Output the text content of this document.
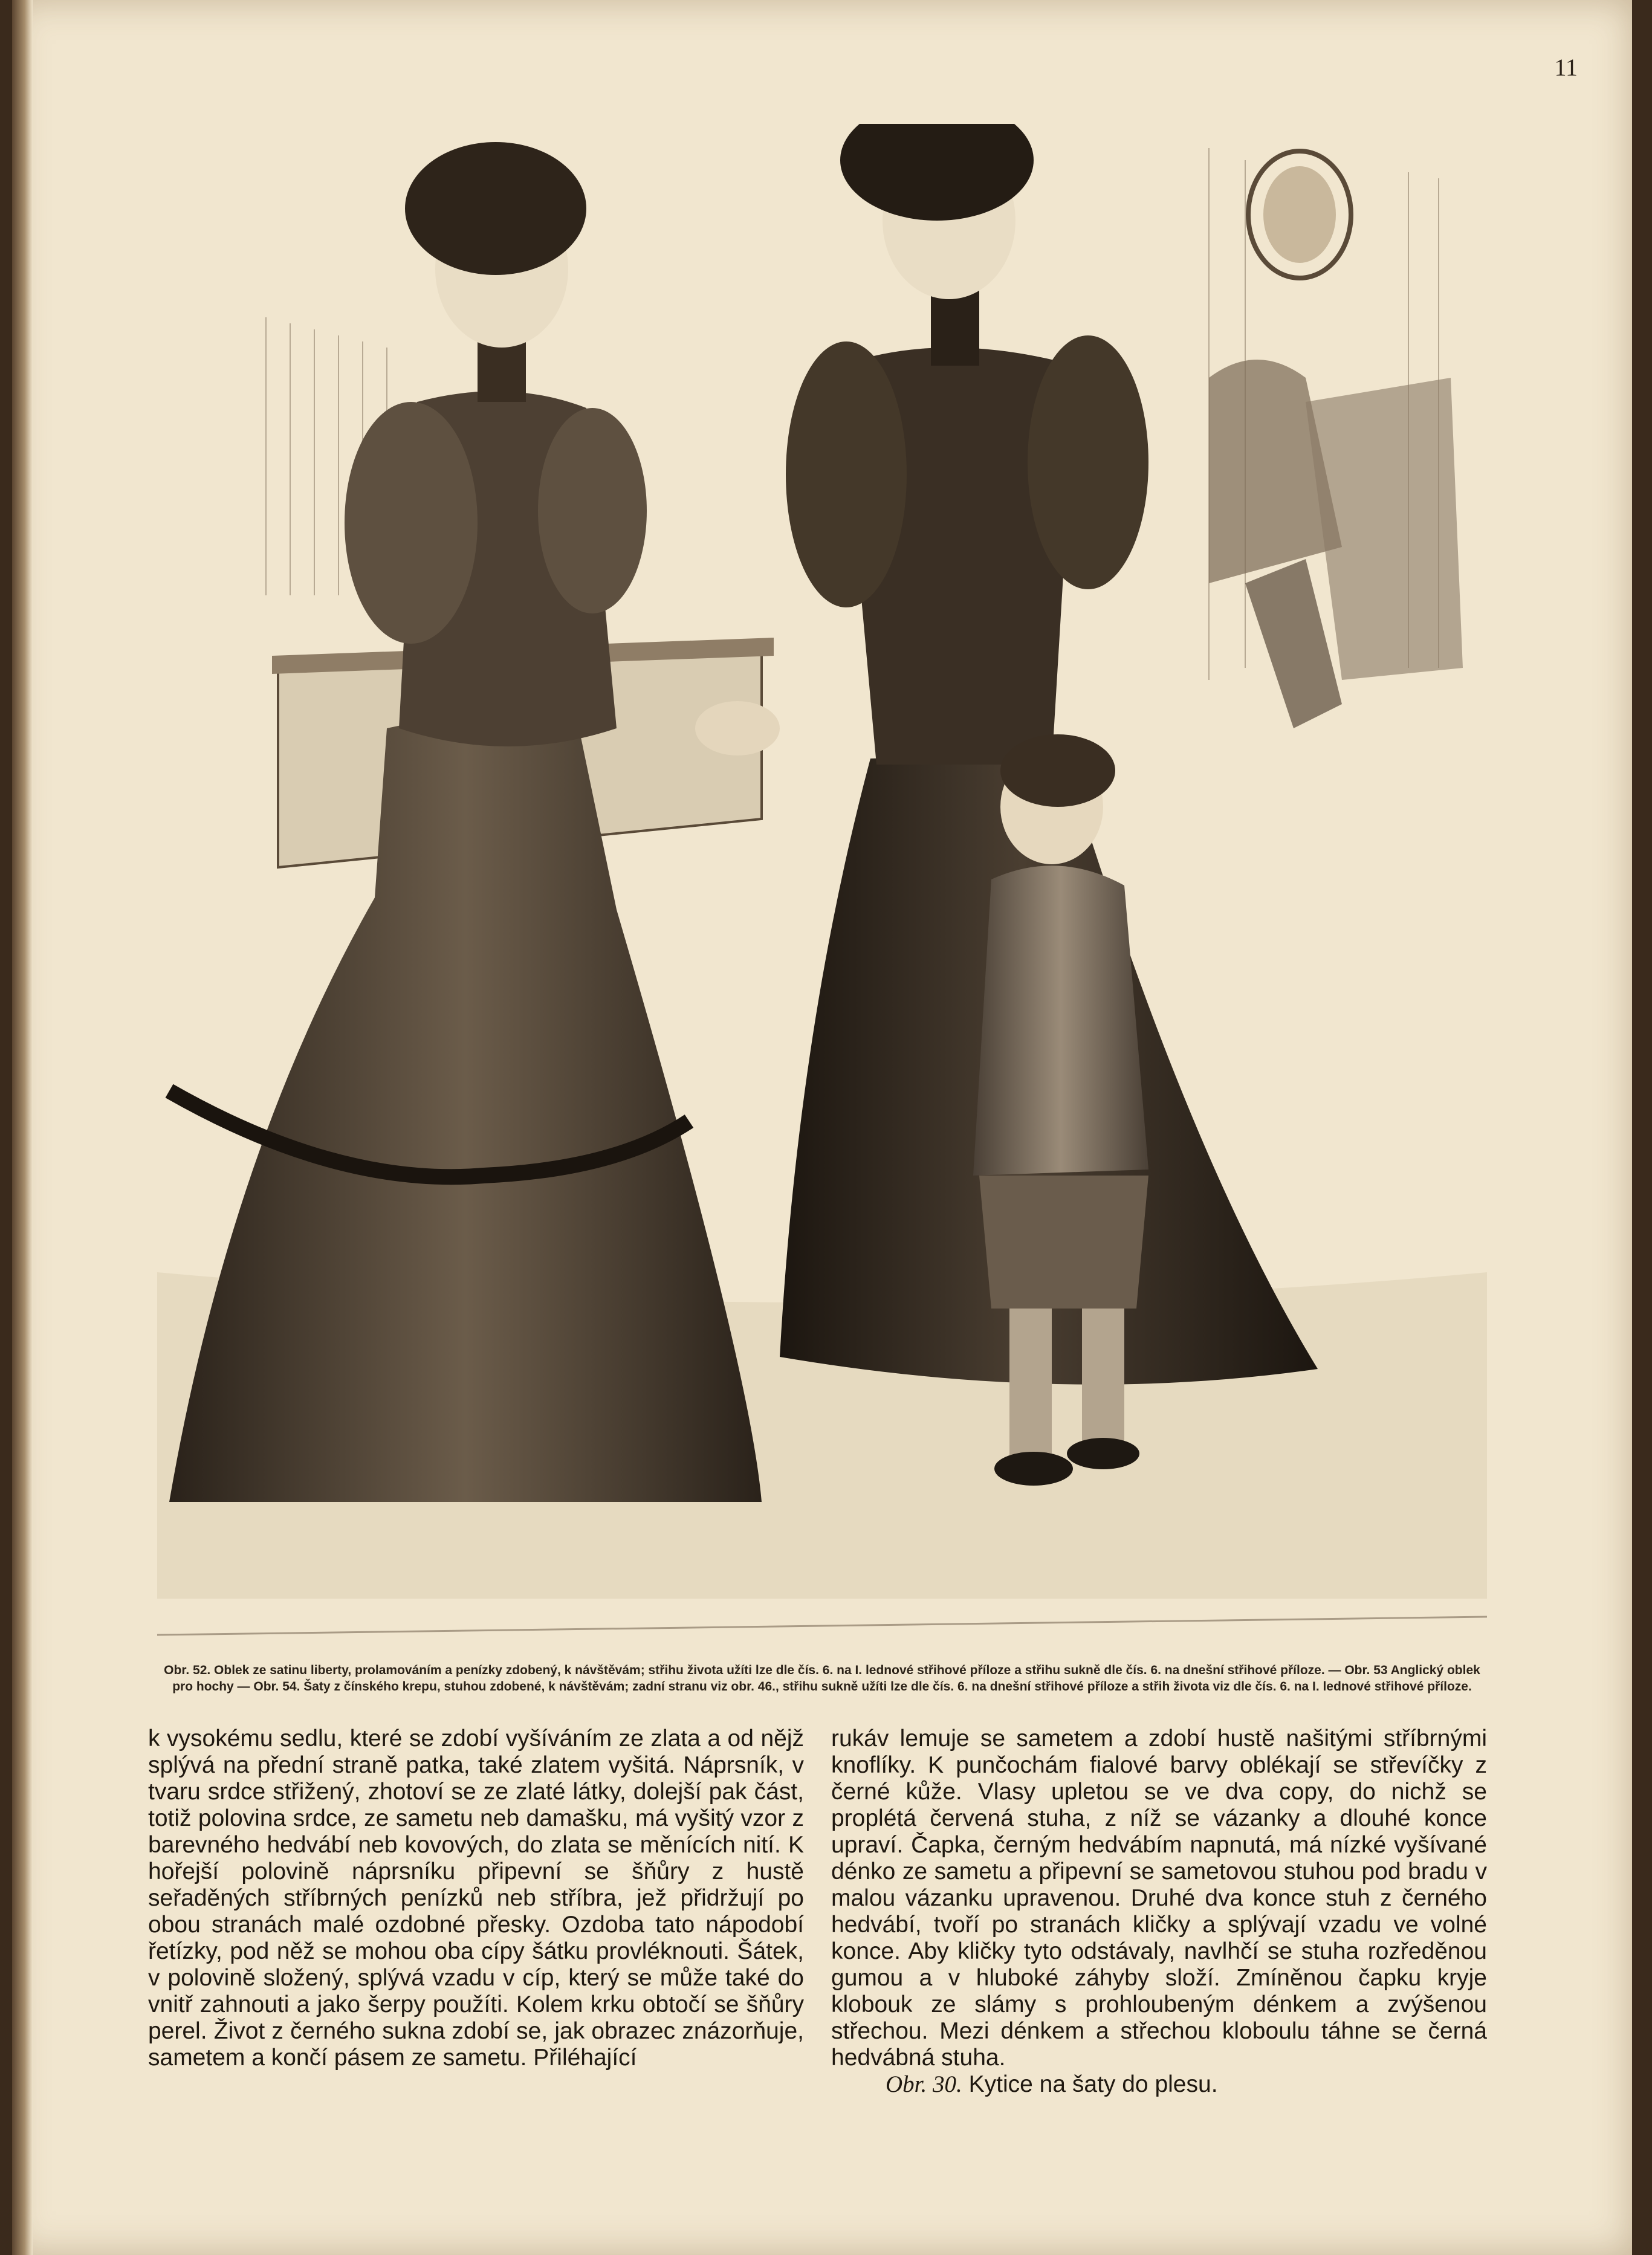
11
Obr. 52. Oblek ze satinu liberty, prolamováním a penízky zdobený, k návštěvám; střihu života užíti lze dle čís. 6. na I. lednové střihové příloze a střihu sukně dle čís. 6. na dnešní střihové příloze. — Obr. 53 Anglický oblek pro hochy — Obr. 54. Šaty z čínského krepu, stuhou zdobené, k návštěvám; zadní stranu viz obr. 46., střihu sukně užíti lze dle čís. 6. na dnešní střihové příloze a střih života viz dle čís. 6. na I. lednové střihové příloze.

k vysokému sedlu, které se zdobí vyšíváním ze zlata a od nějž splývá na přední straně patka, také zlatem vyšitá. Náprsník, v tvaru srdce střižený, zhotoví se ze zlaté látky, dolejší pak část, totiž polovina srdce, ze sametu neb damašku, má vyšitý vzor z barevného hedvábí neb kovových, do zlata se měnících nití. K hořejší polovině náprsníku připevní se šňůry z hustě seřaděných stříbrných penízků neb stříbra, jež přidržují po obou stranách malé ozdobné přesky. Ozdoba tato nápodobí řetízky, pod něž se mohou oba cípy šátku provléknouti. Šátek, v polovině složený, splývá vzadu v cíp, který se může také do vnitř zahnouti a jako šerpy použíti. Kolem krku obtočí se šňůry perel. Život z černého sukna zdobí se, jak obrazec znázorňuje, sametem a končí pásem ze sametu. Přiléhající

rukáv lemuje se sametem a zdobí hustě našitými stříbrnými knoflíky. K punčochám fialové barvy oblékají se střevíčky z černé kůže. Vlasy upletou se ve dva copy, do nichž se proplétá červená stuha, z níž se vázanky a dlouhé konce upraví. Čapka, černým hedvábím napnutá, má nízké vyšívané dénko ze sametu a připevní se sametovou stuhou pod bradu v malou vázanku upravenou. Druhé dva konce stuh z černého hedvábí, tvoří po stranách kličky a splývají vzadu ve volné konce. Aby kličky tyto odstávaly, navlhčí se stuha rozředěnou gumou a v hluboké záhyby složí. Zmíněnou čapku kryje klobouk ze slámy s prohloubeným dénkem a zvýšenou střechou. Mezi dénkem a střechou kloboulu táhne se černá hedvábná stuha.

Obr. 30. Kytice na šaty do plesu.
